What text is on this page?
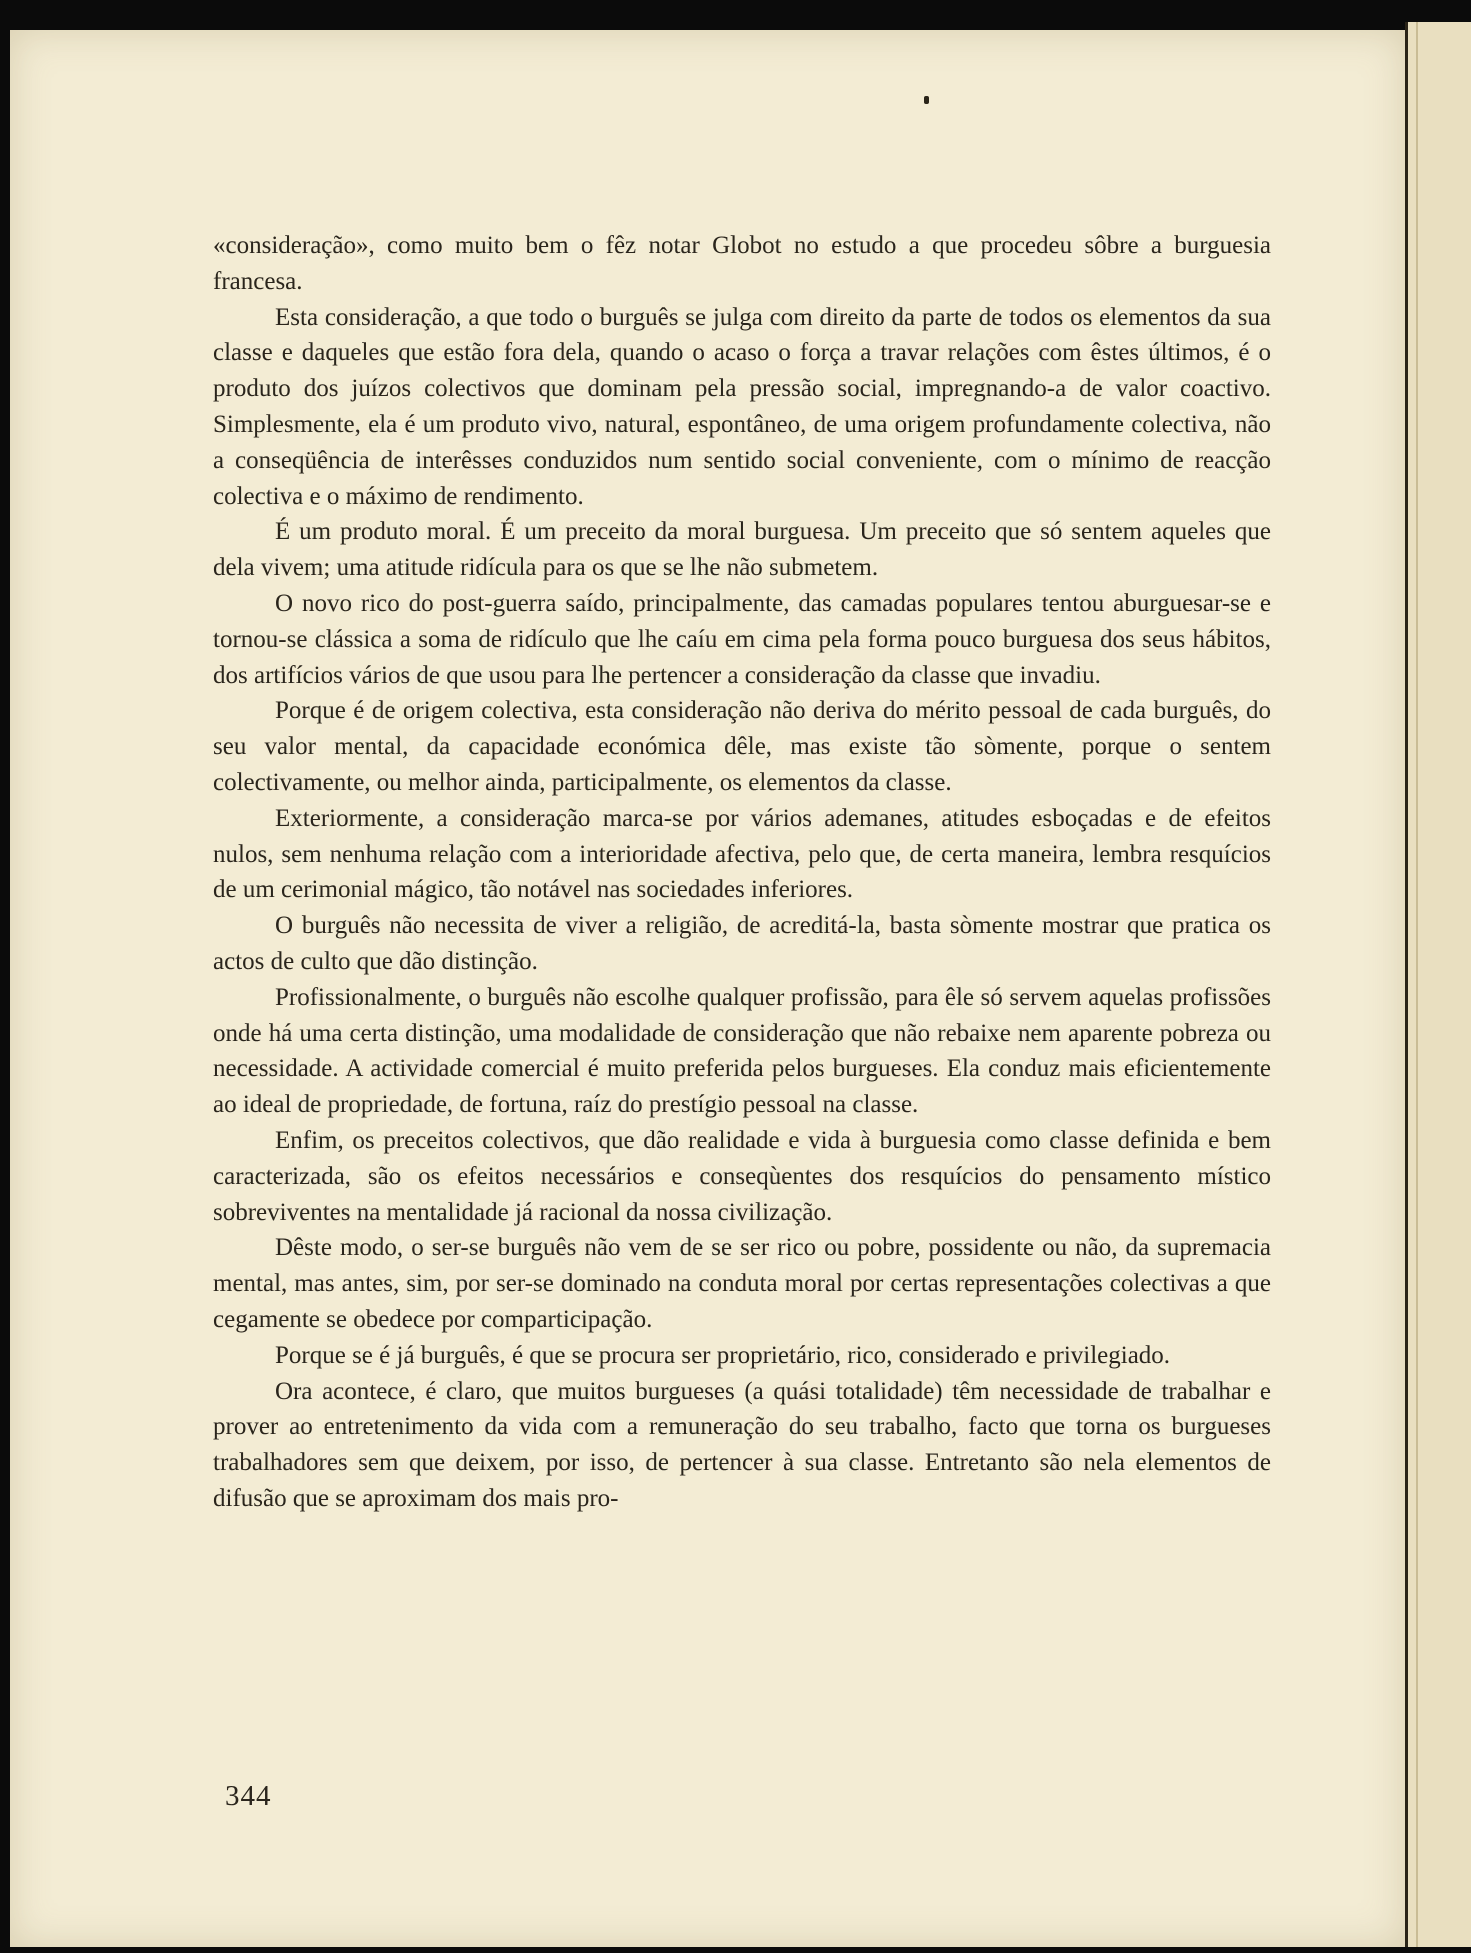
«consideração», como muito bem o fêz notar Globot no estudo a que procedeu sôbre a burguesia francesa.

Esta consideração, a que todo o burguês se julga com direito da parte de todos os elementos da sua classe e daqueles que estão fora dela, quando o acaso o força a travar relações com êstes últimos, é o produto dos juízos colectivos que dominam pela pressão social, impregnando-a de valor coactivo. Simplesmente, ela é um produto vivo, natural, espontâneo, de uma origem profundamente colectiva, não a conseqüência de interêsses conduzidos num sentido social conveniente, com o mínimo de reacção colectiva e o máximo de rendimento.

É um produto moral. É um preceito da moral burguesa. Um preceito que só sentem aqueles que dela vivem; uma atitude ridícula para os que se lhe não submetem.

O novo rico do post-guerra saído, principalmente, das camadas populares tentou aburguesar-se e tornou-se clássica a soma de ridículo que lhe caíu em cima pela forma pouco burguesa dos seus hábitos, dos artifícios vários de que usou para lhe pertencer a consideração da classe que invadiu.

Porque é de origem colectiva, esta consideração não deriva do mérito pessoal de cada burguês, do seu valor mental, da capacidade económica dêle, mas existe tão sòmente, porque o sentem colectivamente, ou melhor ainda, participalmente, os elementos da classe.

Exteriormente, a consideração marca-se por vários ademanes, atitudes esboçadas e de efeitos nulos, sem nenhuma relação com a interioridade afectiva, pelo que, de certa maneira, lembra resquícios de um cerimonial mágico, tão notável nas sociedades inferiores.

O burguês não necessita de viver a religião, de acreditá-la, basta sòmente mostrar que pratica os actos de culto que dão distinção.

Profissionalmente, o burguês não escolhe qualquer profissão, para êle só servem aquelas profissões onde há uma certa distinção, uma modalidade de consideração que não rebaixe nem aparente pobreza ou necessidade. A actividade comercial é muito preferida pelos burgueses. Ela conduz mais eficientemente ao ideal de propriedade, de fortuna, raíz do prestígio pessoal na classe.

Enfim, os preceitos colectivos, que dão realidade e vida à burguesia como classe definida e bem caracterizada, são os efeitos necessários e conseqùentes dos resquícios do pensamento místico sobreviventes na mentalidade já racional da nossa civilização.

Dêste modo, o ser-se burguês não vem de se ser rico ou pobre, possidente ou não, da supremacia mental, mas antes, sim, por ser-se dominado na conduta moral por certas representações colectivas a que cegamente se obedece por comparticipação.

Porque se é já burguês, é que se procura ser proprietário, rico, considerado e privilegiado.

Ora acontece, é claro, que muitos burgueses (a quási totalidade) têm necessidade de trabalhar e prover ao entretenimento da vida com a remuneração do seu trabalho, facto que torna os burgueses trabalhadores sem que deixem, por isso, de pertencer à sua classe. Entretanto são nela elementos de difusão que se aproximam dos mais pro-

344
